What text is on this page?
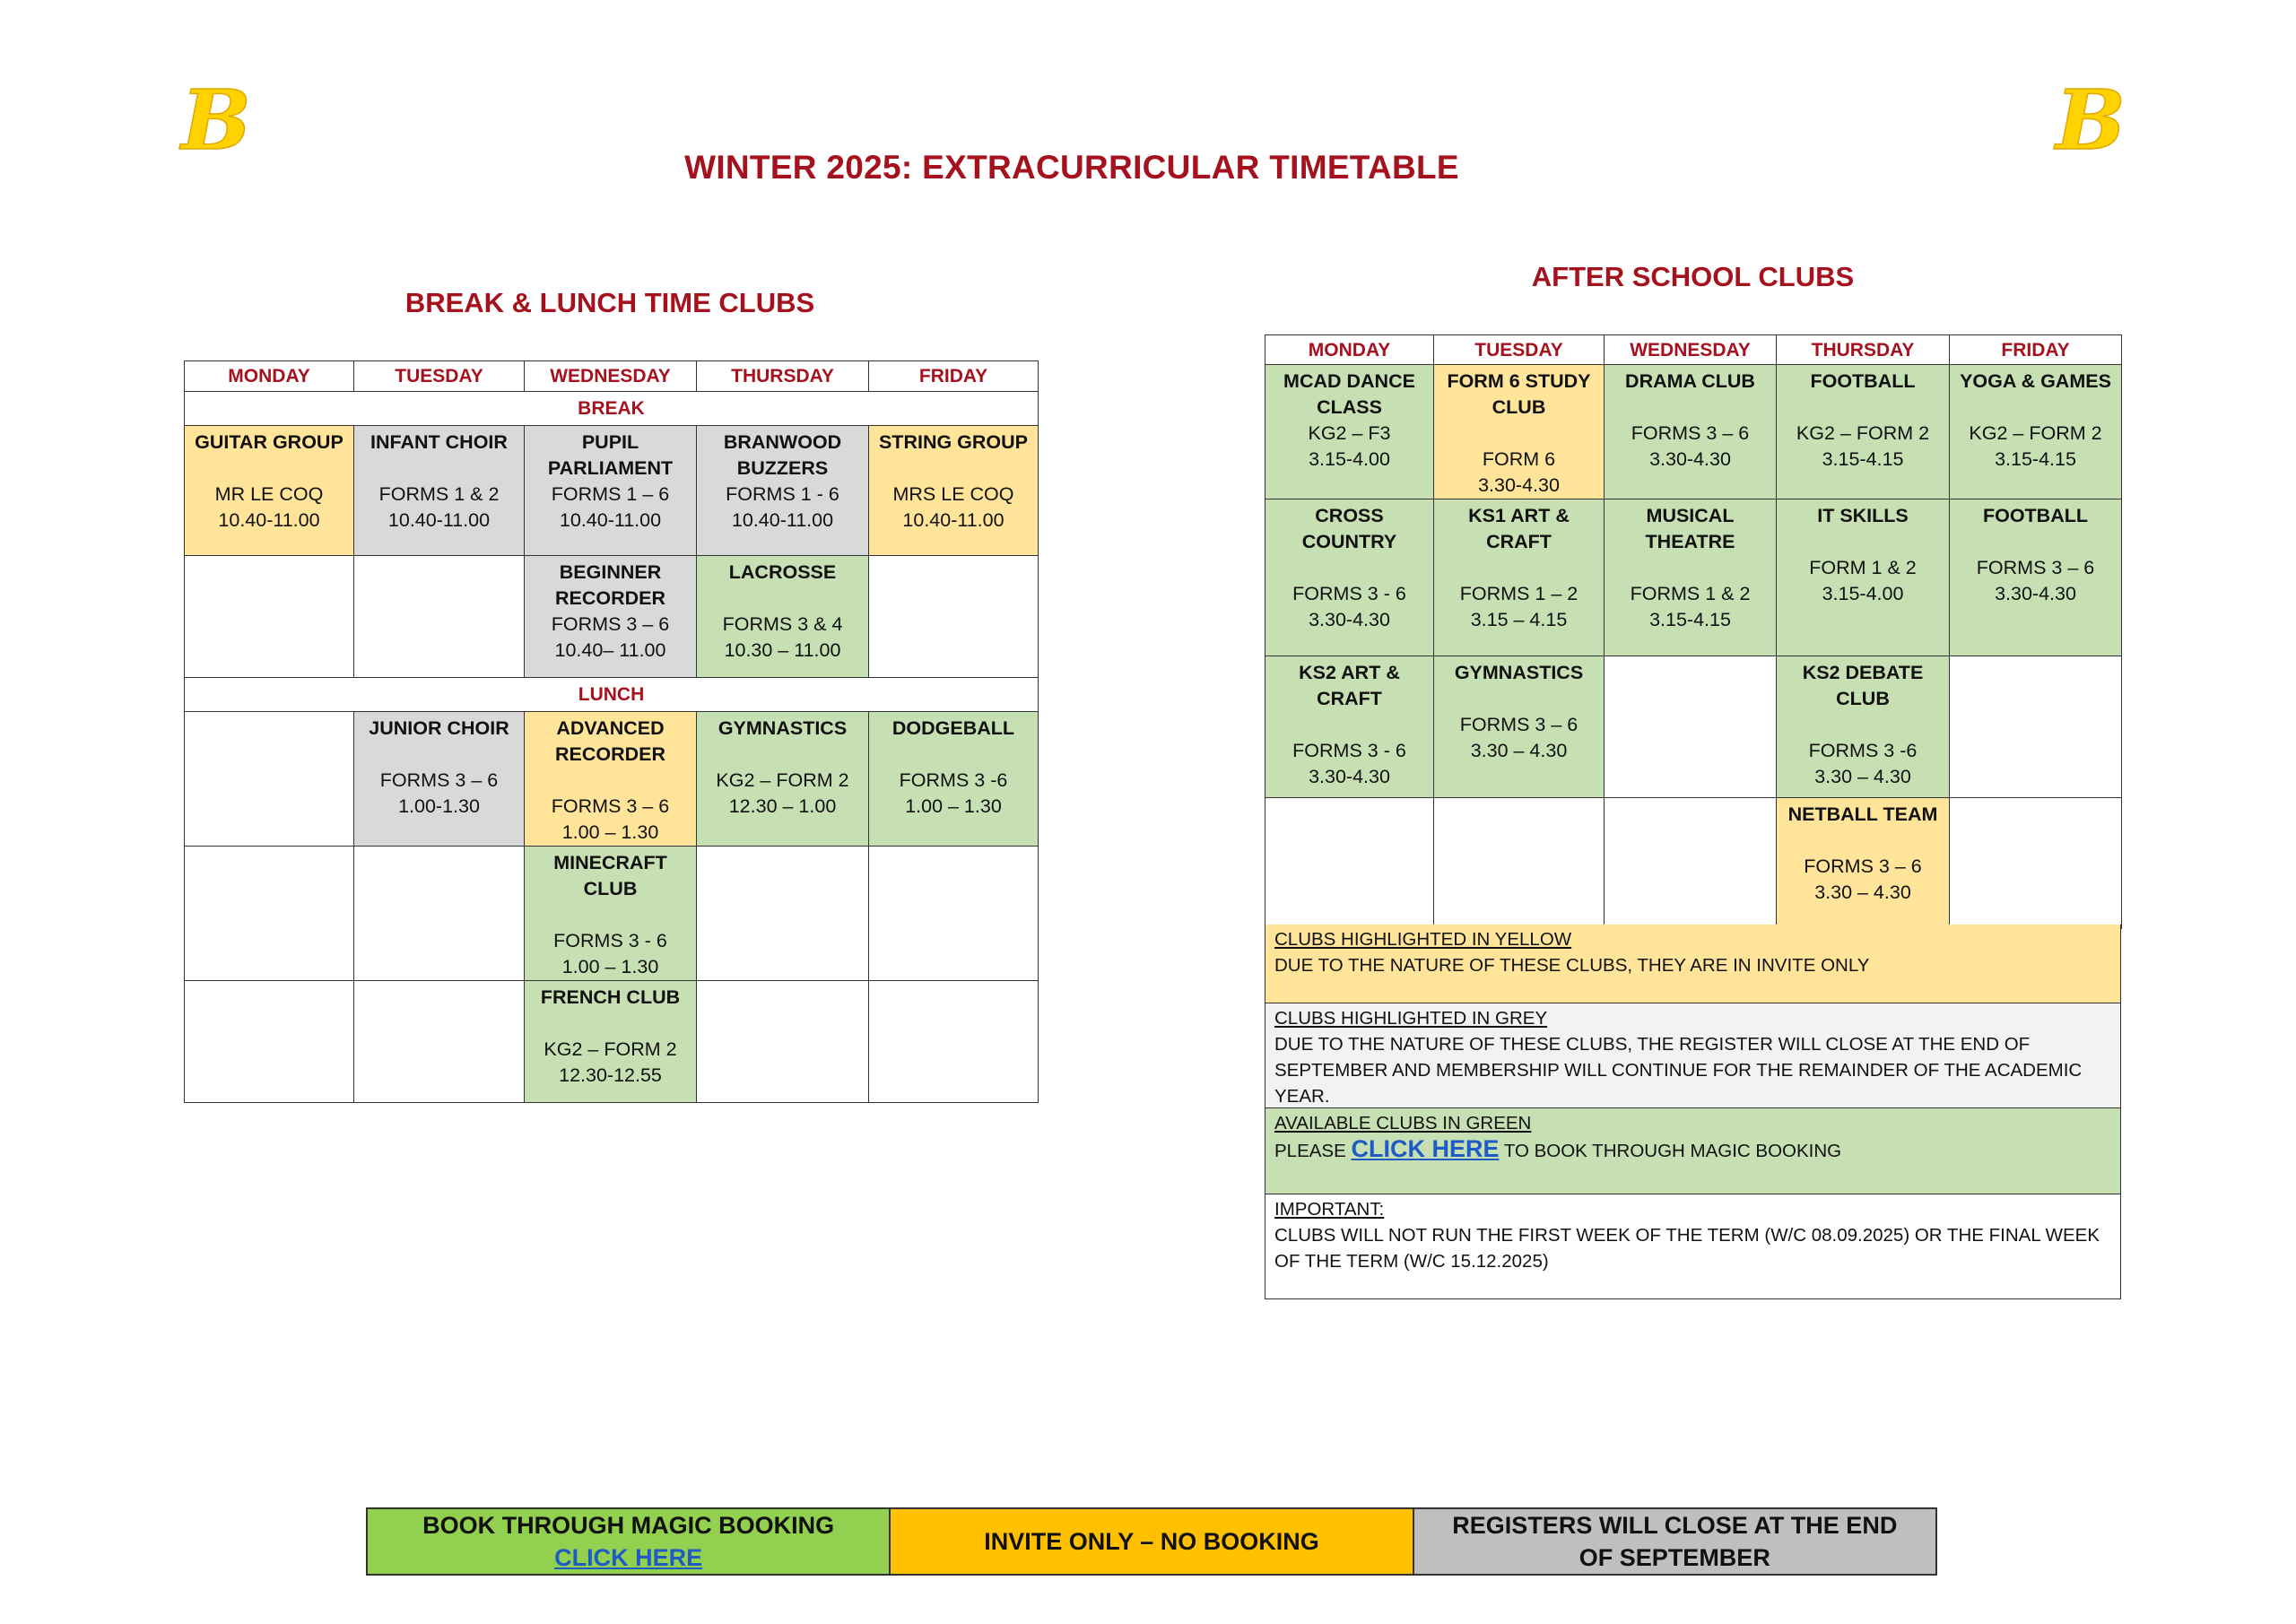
B	B
WINTER 2025: EXTRACURRICULAR TIMETABLE
BREAK & LUNCH TIME CLUBS
AFTER SCHOOL CLUBS
MONDAY	TUESDAY	WEDNESDAY	THURSDAY	FRIDAY
BREAK				

GUITAR GROUP
MR LE COQ
10.40-11.00	INFANT CHOIR
FORMS 1 & 2
10.40-11.00	PUPIL PARLIAMENT
FORMS 1 – 6
10.40-11.00	BRANWOOD BUZZERS
FORMS 1 - 6
10.40-11.00	STRING GROUP
MRS LE COQ
10.40-11.00

		BEGINNER RECORDER
FORMS 3 – 6
10.40– 11.00	LACROSSE
FORMS 3 & 4
10.30 – 11.00	

LUNCH				

	JUNIOR CHOIR
FORMS 3 – 6
1.00-1.30	ADVANCED RECORDER
FORMS 3 – 6
1.00 – 1.30	GYMNASTICS
KG2 – FORM 2
12.30 – 1.00	DODGEBALL
FORMS 3 -6
1.00 – 1.30

		MINECRAFT CLUB
FORMS 3 - 6
1.00 – 1.30		

		FRENCH CLUB
KG2 – FORM 2
12.30-12.55		

MONDAY	TUESDAY	WEDNESDAY	THURSDAY	FRIDAY

MCAD DANCE CLASS
KG2 – F3
3.15-4.00	FORM 6 STUDY CLUB
FORM 6
3.30-4.30	DRAMA CLUB
FORMS 3 – 6
3.30-4.30	FOOTBALL
KG2 – FORM 2
3.15-4.15	YOGA & GAMES
KG2 – FORM 2
3.15-4.15

CROSS COUNTRY
FORMS 3 - 6
3.30-4.30	KS1 ART & CRAFT
FORMS 1 – 2
3.15 – 4.15	MUSICAL THEATRE
FORMS 1 & 2
3.15-4.15	IT SKILLS
FORM 1 & 2
3.15-4.00	FOOTBALL
FORMS 3 – 6
3.30-4.30

KS2 ART & CRAFT
FORMS 3 - 6
3.30-4.30	GYMNASTICS
FORMS 3 – 6
3.30 – 4.30		KS2 DEBATE CLUB
FORMS 3 -6
3.30 – 4.30	

			NETBALL TEAM
FORMS 3 – 6
3.30 – 4.30	

CLUBS HIGHLIGHTED IN YELLOW
DUE TO THE NATURE OF THESE CLUBS, THEY ARE IN INVITE ONLY
CLUBS HIGHLIGHTED IN GREY
DUE TO THE NATURE OF THESE CLUBS, THE REGISTER WILL CLOSE AT THE END OF SEPTEMBER AND MEMBERSHIP WILL CONTINUE FOR THE REMAINDER OF THE ACADEMIC YEAR.
AVAILABLE CLUBS IN GREEN
PLEASE CLICK HERE TO BOOK THROUGH MAGIC BOOKING
IMPORTANT:
CLUBS WILL NOT RUN THE FIRST WEEK OF THE TERM (W/C 08.09.2025) OR THE FINAL WEEK OF THE TERM (W/C 15.12.2025)
BOOK THROUGH MAGIC BOOKING
CLICK HERE
INVITE ONLY – NO BOOKING
REGISTERS WILL CLOSE AT THE END OF SEPTEMBER
